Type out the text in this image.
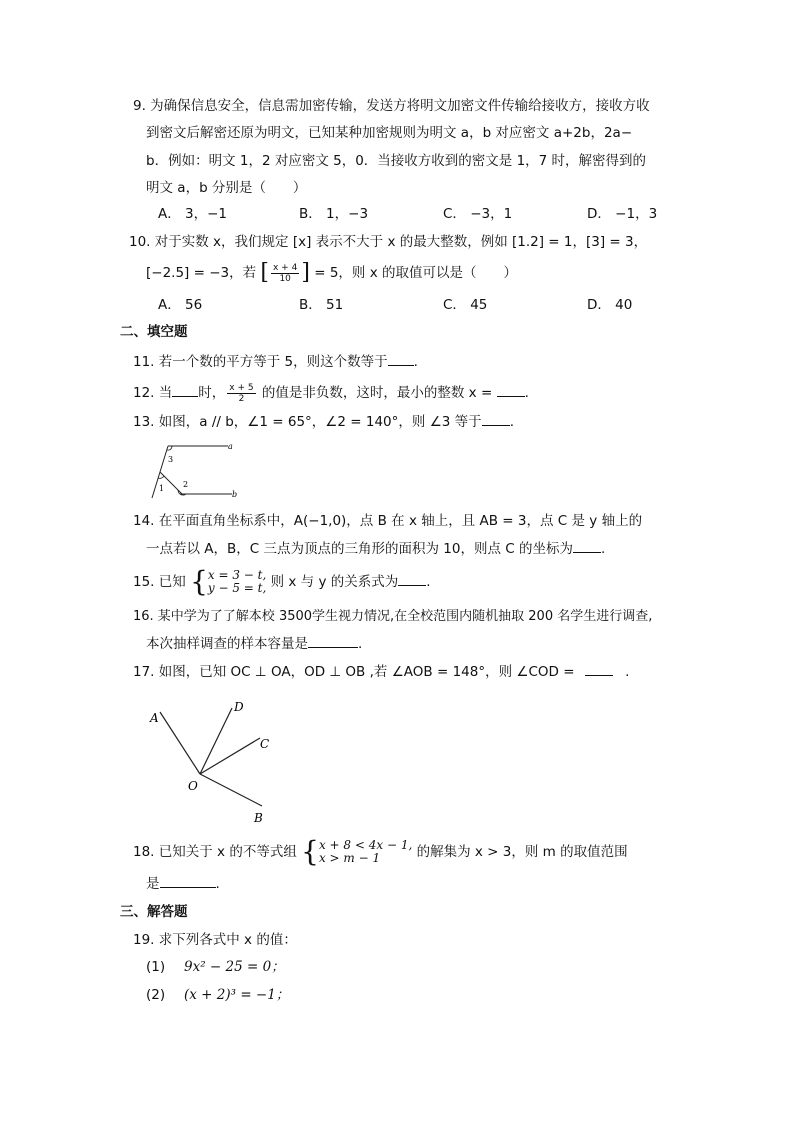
9. 为确保信息安全，信息需加密传输，发送方将明文加密文件传输给接收方，接收方收
到密文后解密还原为明文，已知某种加密规则为明文 a，b 对应密文 a+2b，2a−
b．例如：明文 1，2 对应密文 5，0．当接收方收到的密文是 1，7 时，解密得到的
明文 a，b 分别是（　　）
A． 3，−1	B． 1，−3	C． −3，1	D． −1，3
10. 对于实数 x，我们规定 [x] 表示不大于 x 的最大整数，例如 [1.2] = 1，[3] = 3，
[−2.5] = −3，若 [ $\frac{x + 4}{10}$ ] = 5，则 x 的取值可以是（　　）
A． 56	B． 51	C． 45	D． 40
二、填空题
11. 若一个数的平方等于 5，则这个数等于 .
12. 当 时， $\frac{x + 5}{2}$ 的值是非负数，这时，最小的整数 x = .
13. 如图，a // b，∠1 = 65°，∠2 = 140°，则 ∠3 等于 .
a
b
3
1 2
14. 在平面直角坐标系中，A(−1,0)，点 B 在 x 轴上，且 AB = 3，点 C 是 y 轴上的
一点若以 A，B，C 三点为顶点的三角形的面积为 10，则点 C 的坐标为 .
15. 已知 { x = 3 − t,
y − 5 = t, 则 x 与 y 的关系式为 .
16. 某中学为了了解本校 3500学生视力情况,在全校范围内随机抽取 200 名学生进行调查,
本次抽样调查的样本容量是	.
17. 如图，已知 OC ⊥ OA，OD ⊥ OB ,若 ∠AOB = 148°，则 ∠COD =	.
A
D
C
B
O
18. 已知关于 x 的不等式组 { x + 8 < 4x − 1,
x > m − 1	的解集为 x > 3，则 m 的取值范围
是	.
三、解答题
19. 求下列各式中 x 的值：
(1) 9x² − 25 = 0；
(2) (x + 2)³ = −1；
